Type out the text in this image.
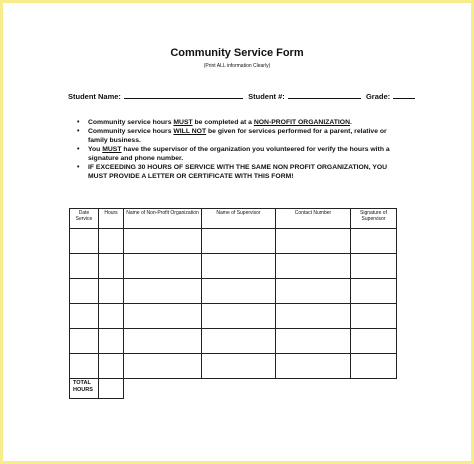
Community Service Form
(Print ALL information Clearly)
Student Name:	Student #:	Grade:
• Community service hours MUST be completed at a NON-PROFIT ORGANIZATION.
• Community service hours WILL NOT be given for services performed for a parent, relative or family business.
• You MUST have the supervisor of the organization you volunteered for verify the hours with a signature and phone number.
• IF EXCEEDING 30 HOURS OF SERVICE WITH THE SAME NON PROFIT ORGANIZATION, YOU MUST PROVIDE A LETTER OR CERTIFICATE WITH THIS FORM!
Date Service	Hours	Name of Non-Profit Organization	Name of Supervisor	Contact Number	Signature of Supervisor

TOTAL HOURS					
